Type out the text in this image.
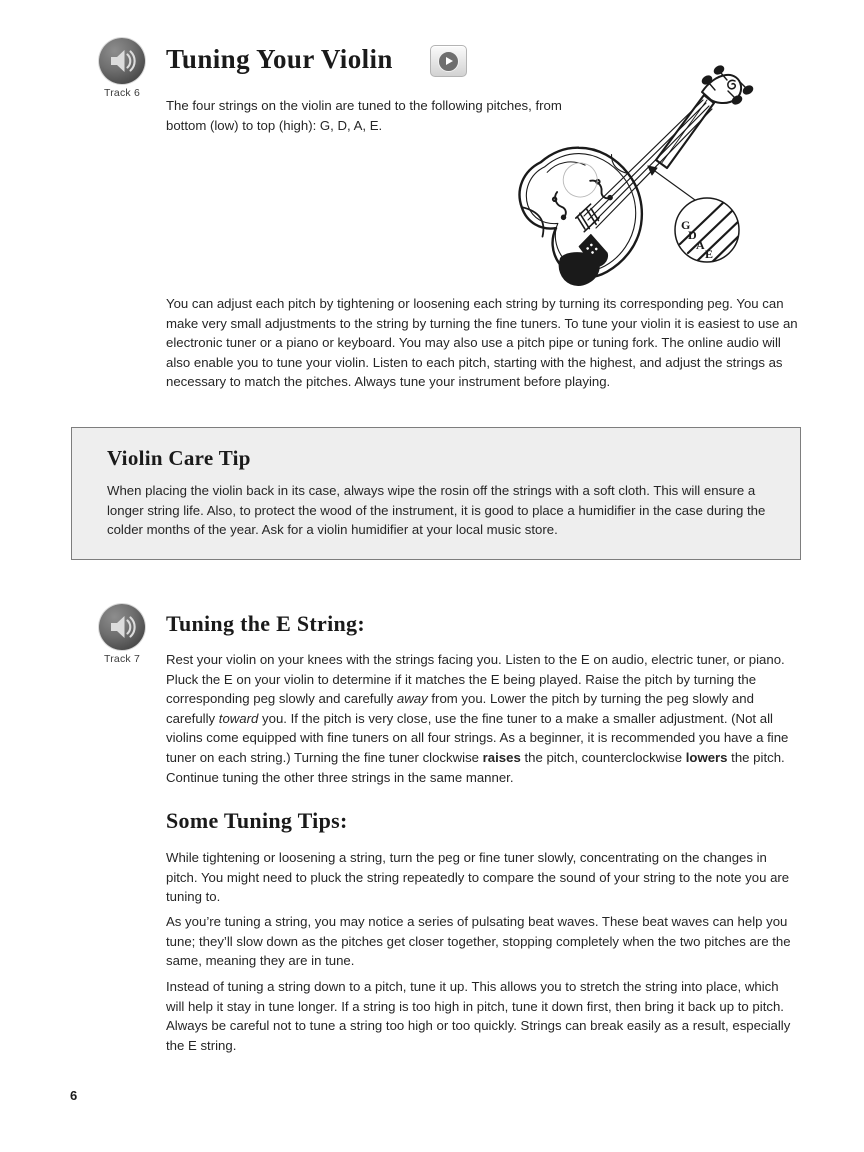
Track 6
Tuning Your Violin
The four strings on the violin are tuned to the following pitches, from bottom (low) to top (high): G, D, A, E.
G
D
A
E
You can adjust each pitch by tightening or loosening each string by turning its corresponding peg. You can make very small adjustments to the string by turning the fine tuners. To tune your violin it is easiest to use an electronic tuner or a piano or keyboard. You may also use a pitch pipe or tuning fork. The online audio will also enable you to tune your violin. Listen to each pitch, starting with the highest, and adjust the strings as necessary to match the pitches. Always tune your instrument before playing.
Violin Care Tip
When placing the violin back in its case, always wipe the rosin off the strings with a soft cloth. This will ensure a longer string life. Also, to protect the wood of the instrument, it is good to place a humidifier in the case during the colder months of the year. Ask for a violin humidifier at your local music store.
Track 7
Tuning the E String:
Rest your violin on your knees with the strings facing you. Listen to the E on audio, electric tuner, or piano. Pluck the E on your violin to determine if it matches the E being played. Raise the pitch by turning the corresponding peg slowly and carefully away from you. Lower the pitch by turning the peg slowly and carefully toward you. If the pitch is very close, use the fine tuner to a make a smaller adjustment. (Not all violins come equipped with fine tuners on all four strings. As a beginner, it is recommended you have a fine tuner on each string.) Turning the fine tuner clockwise raises the pitch, counterclockwise lowers the pitch. Continue tuning the other three strings in the same manner.
Some Tuning Tips:
While tightening or loosening a string, turn the peg or fine tuner slowly, concentrating on the changes in pitch. You might need to pluck the string repeatedly to compare the sound of your string to the note you are tuning to.
As you’re tuning a string, you may notice a series of pulsating beat waves. These beat waves can help you tune; they’ll slow down as the pitches get closer together, stopping completely when the two pitches are the same, meaning they are in tune.
Instead of tuning a string down to a pitch, tune it up. This allows you to stretch the string into place, which will help it stay in tune longer. If a string is too high in pitch, tune it down first, then bring it back up to pitch. Always be careful not to tune a string too high or too quickly. Strings can break easily as a result, especially the E string.
6
